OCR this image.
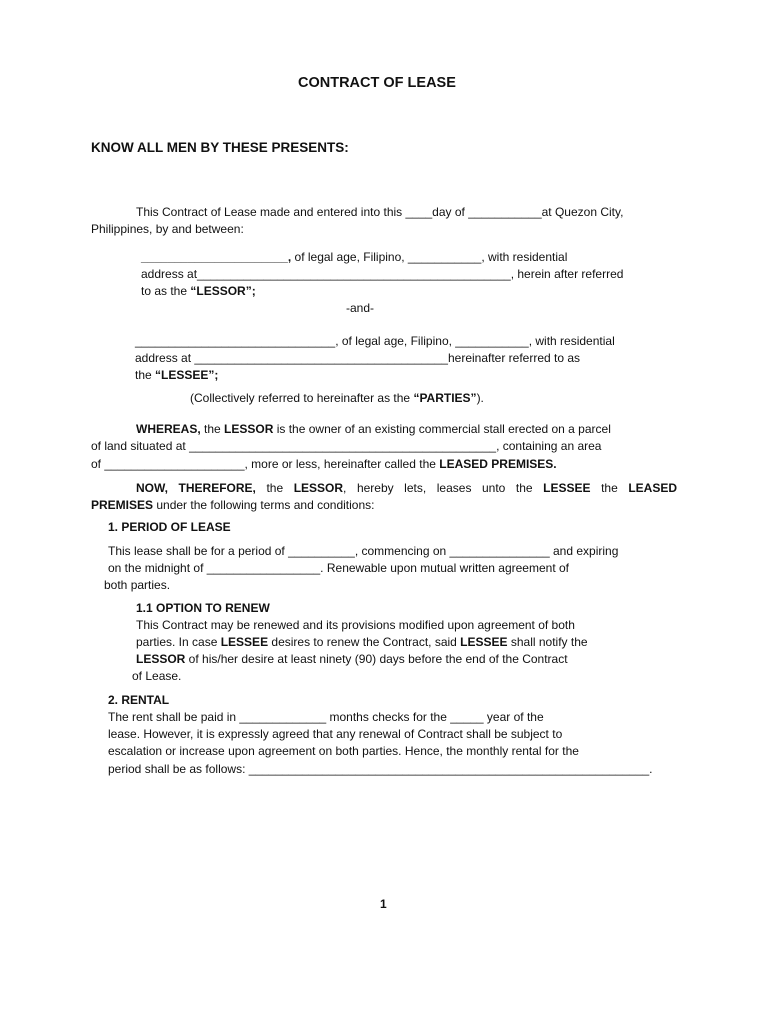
CONTRACT OF LEASE
KNOW ALL MEN BY THESE PRESENTS:
This Contract of Lease made and entered into this ____day of ___________at Quezon City,
Philippines, by and between:
______________________, of legal age, Filipino, ___________, with residential
address at_______________________________________________, herein after referred
to as the “LESSOR”;
-and-
______________________________, of legal age, Filipino, ___________, with residential
address at ______________________________________hereinafter referred to as
the “LESSEE”;
(Collectively referred to hereinafter as the “PARTIES”).
WHEREAS, the LESSOR is the owner of an existing commercial stall erected on a parcel
of land situated at ______________________________________________, containing an area
of _____________________, more or less, hereinafter called the LEASED PREMISES.
NOW, THEREFORE, the LESSOR, hereby lets, leases unto the LESSEE the LEASED
PREMISES under the following terms and conditions:
1. PERIOD OF LEASE
This lease shall be for a period of __________, commencing on _______________ and expiring
on the midnight of _________________. Renewable upon mutual written agreement of
both parties.
1.1 OPTION TO RENEW
This Contract may be renewed and its provisions modified upon agreement of both
parties. In case LESSEE desires to renew the Contract, said LESSEE shall notify the
LESSOR of his/her desire at least ninety (90) days before the end of the Contract
of Lease.
2. RENTAL
The rent shall be paid in _____________ months checks for the _____ year of the
lease. However, it is expressly agreed that any renewal of Contract shall be subject to
escalation or increase upon agreement on both parties. Hence, the monthly rental for the
period shall be as follows: ____________________________________________________________.
1
